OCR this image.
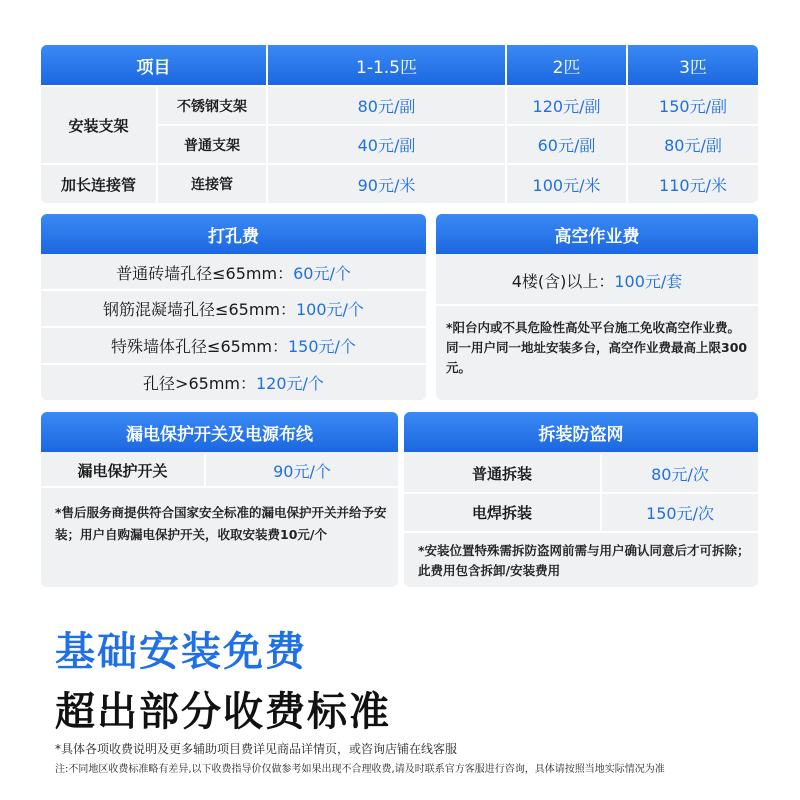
项目	1-1.5匹	2匹	3匹
安装支架
不锈钢支架	80元/副	120元/副	150元/副
普通支架	40元/副	60元/副	80元/副
加长连接管	连接管	90元/米	100元/米	110元/米
打孔费
普通砖墙孔径≤65mm： 60元/个
钢筋混凝墙孔径≤65mm： 100元/个
特殊墙体孔径≤65mm： 150元/个
孔径>65mm： 120元/个
高空作业费
4楼(含)以上： 100元/套
*阳台内或不具危险性高处平台施工免收高空作业费。同一用户同一地址安装多台，高空作业费最高上限300元。
漏电保护开关及电源布线
漏电保护开关	90元/个
*售后服务商提供符合国家安全标准的漏电保护开关并给予安装；用户自购漏电保护开关，收取安装费10元/个
拆装防盗网
普通拆装	80元/次
电焊拆装	150元/次
*安装位置特殊需拆防盗网前需与用户确认同意后才可拆除；此费用包含拆卸/安装费用
基础安装免费
超出部分收费标准
*具体各项收费说明及更多辅助项目费详见商品详情页，或咨询店铺在线客服
注:不同地区收费标准略有差异,以下收费指导价仅做参考如果出现不合理收费,请及时联系官方客服进行咨询，具体请按照当地实际情况为准
